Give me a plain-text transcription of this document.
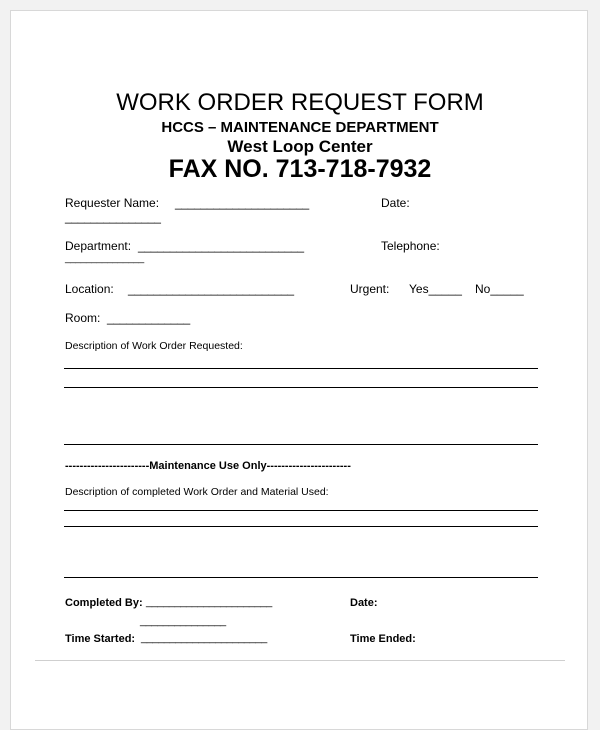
WORK ORDER REQUEST FORM
HCCS – MAINTENANCE DEPARTMENT
West Loop Center
FAX NO. 713-718-7932
Requester Name: _____________________	Date:
_______________
Department: __________________________	Telephone:
_______________
Location: __________________________	Urgent: Yes_____ No_____
Room: _____________
Description of Work Order Requested:
-----------------------Maintenance Use Only-----------------------
Description of completed Work Order and Material Used:
Completed By: ______________________	Date:
_______________
Time Started: ______________________	Time Ended:
